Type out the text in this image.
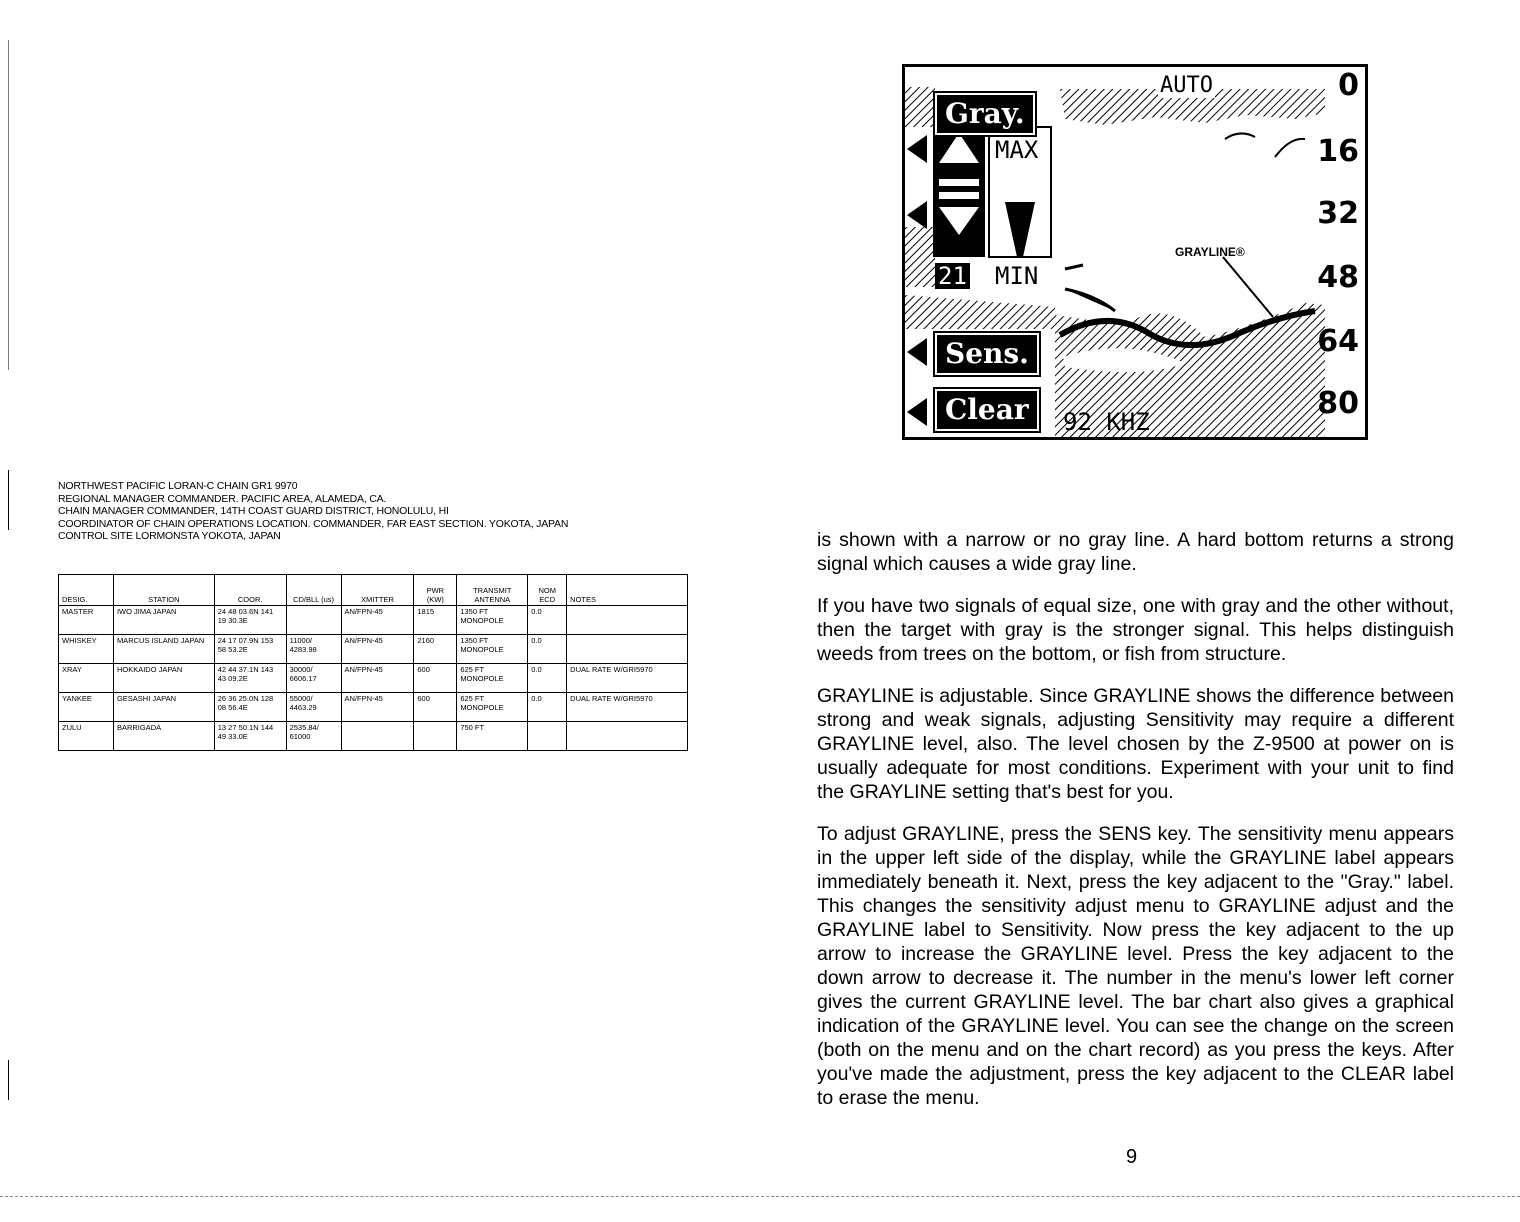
NORTHWEST PACIFIC LORAN-C CHAIN GR1 9970
REGIONAL MANAGER COMMANDER. PACIFIC AREA, ALAMEDA, CA.
CHAIN MANAGER COMMANDER, 14TH COAST GUARD DISTRICT, HONOLULU, HI
COORDINATOR OF CHAIN OPERATIONS LOCATION. COMMANDER, FAR EAST SECTION. YOKOTA, JAPAN
CONTROL SITE LORMONSTA YOKOTA, JAPAN
DESIG.	STATION	COOR.	CD/BLL (us)	XMITTER	PWR (KW)	TRANSMIT ANTENNA	NOM ECD	NOTES
MASTER	IWO JIMA JAPAN	24 48 03.6N 141 19 30.3E		AN/FPN-45	1815	1350 FT MONOPOLE	0.0	
WHISKEY	MARCUS ISLAND JAPAN	24 17 07.9N 153 58 53.2E	11000/ 4283.98	AN/FPN-45	2160	1350 FT MONOPOLE	0.0	
XRAY	HOKKAIDO JAPAN	42 44 37.1N 143 43 09.2E	30000/ 6606.17	AN/FPN-45	600	625 FT MONOPOLE	0.0	DUAL RATE W/GRI5970
YANKEE	GESASHI JAPAN	26 36 25.0N 128 08 56.4E	55000/ 4463.29	AN/FPN-45	600	625 FT MONOPOLE	0.0	DUAL RATE W/GRI5970
ZULU	BARRIGADA	13 27 50.1N 144 49 33.0E	2535.84/ 61000			750 FT		
AUTO
Gray.
MAX
21 MIN
Sens.
Clear	92 KHZ
GRAYLINE®
0
16
32
48
64
80

is shown with a narrow or no gray line. A hard bottom returns a strong signal which causes a wide gray line.

If you have two signals of equal size, one with gray and the other without, then the target with gray is the stronger signal. This helps distinguish weeds from trees on the bottom, or fish from structure.

GRAYLINE is adjustable. Since GRAYLINE shows the difference between strong and weak signals, adjusting Sensitivity may require a different GRAYLINE level, also. The level chosen by the Z-9500 at power on is usually adequate for most conditions. Experiment with your unit to find the GRAYLINE setting that's best for you.

To adjust GRAYLINE, press the SENS key. The sensitivity menu appears in the upper left side of the display, while the GRAYLINE label appears immediately beneath it. Next, press the key adjacent to the "Gray." label. This changes the sensitivity adjust menu to GRAYLINE adjust and the GRAYLINE label to Sensitivity. Now press the key adjacent to the up arrow to increase the GRAYLINE level. Press the key adjacent to the down arrow to decrease it. The number in the menu's lower left corner gives the current GRAYLINE level. The bar chart also gives a graphical indication of the GRAYLINE level. You can see the change on the screen (both on the menu and on the chart record) as you press the keys. After you've made the adjustment, press the key adjacent to the CLEAR label to erase the menu.

9
